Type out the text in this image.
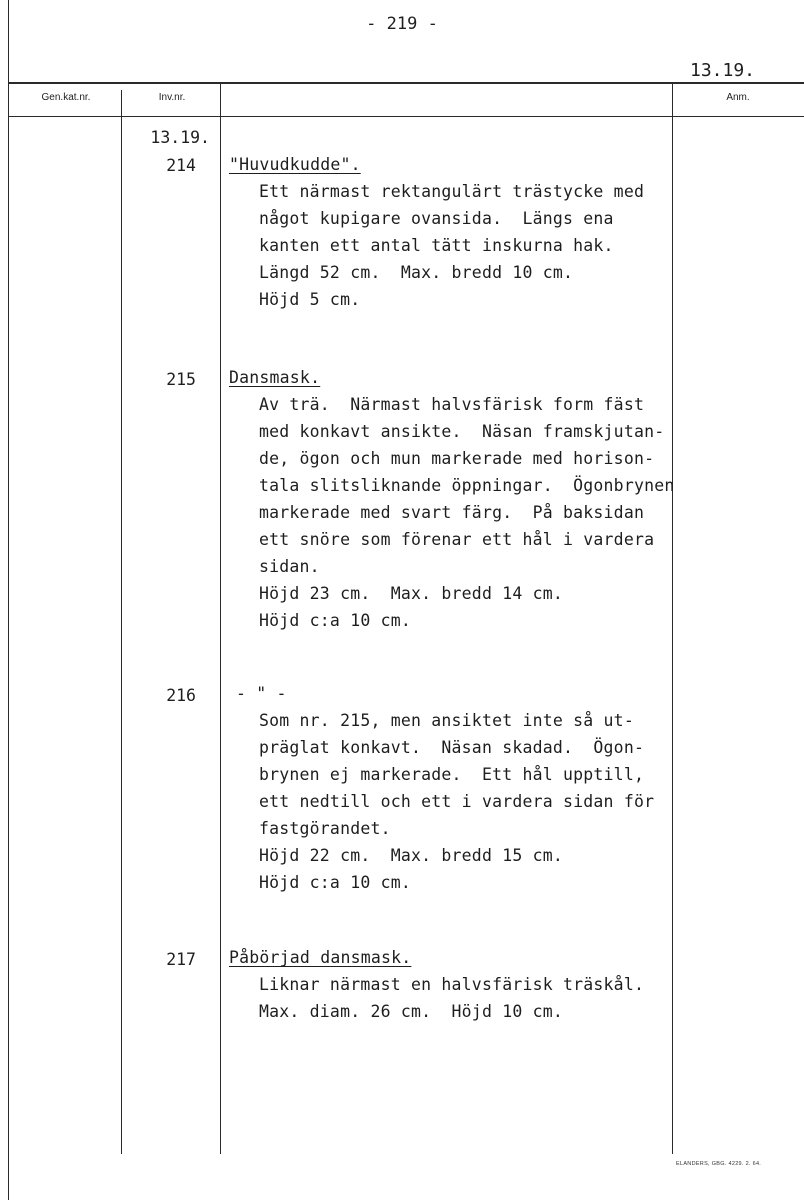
- 219 -
13.19.
Gen.kat.nr.	Inv.nr.	Anm.
13.19.
214 "Huvudkudde".
Ett närmast rektangulärt trästycke med
något kupigare ovansida.  Längs ena
kanten ett antal tätt inskurna hak.
Längd 52 cm.  Max. bredd 10 cm.
Höjd 5 cm.
215 Dansmask.
Av trä.  Närmast halvsfärisk form fäst
med konkavt ansikte.  Näsan framskjutan-
de, ögon och mun markerade med horison-
tala slitsliknande öppningar.  Ögonbrynen
markerade med svart färg.  På baksidan
ett snöre som förenar ett hål i vardera
sidan.
Höjd 23 cm.  Max. bredd 14 cm.
Höjd c:a 10 cm.
216 - " -
Som nr. 215, men ansiktet inte så ut-
präglat konkavt.  Näsan skadad.  Ögon-
brynen ej markerade.  Ett hål upptill,
ett nedtill och ett i vardera sidan för
fastgörandet.
Höjd 22 cm.  Max. bredd 15 cm.
Höjd c:a 10 cm.
217 Påbörjad dansmask.
Liknar närmast en halvsfärisk träskål.
Max. diam. 26 cm.  Höjd 10 cm.
ELANDERS, GBG. 4229. 2. 64.
